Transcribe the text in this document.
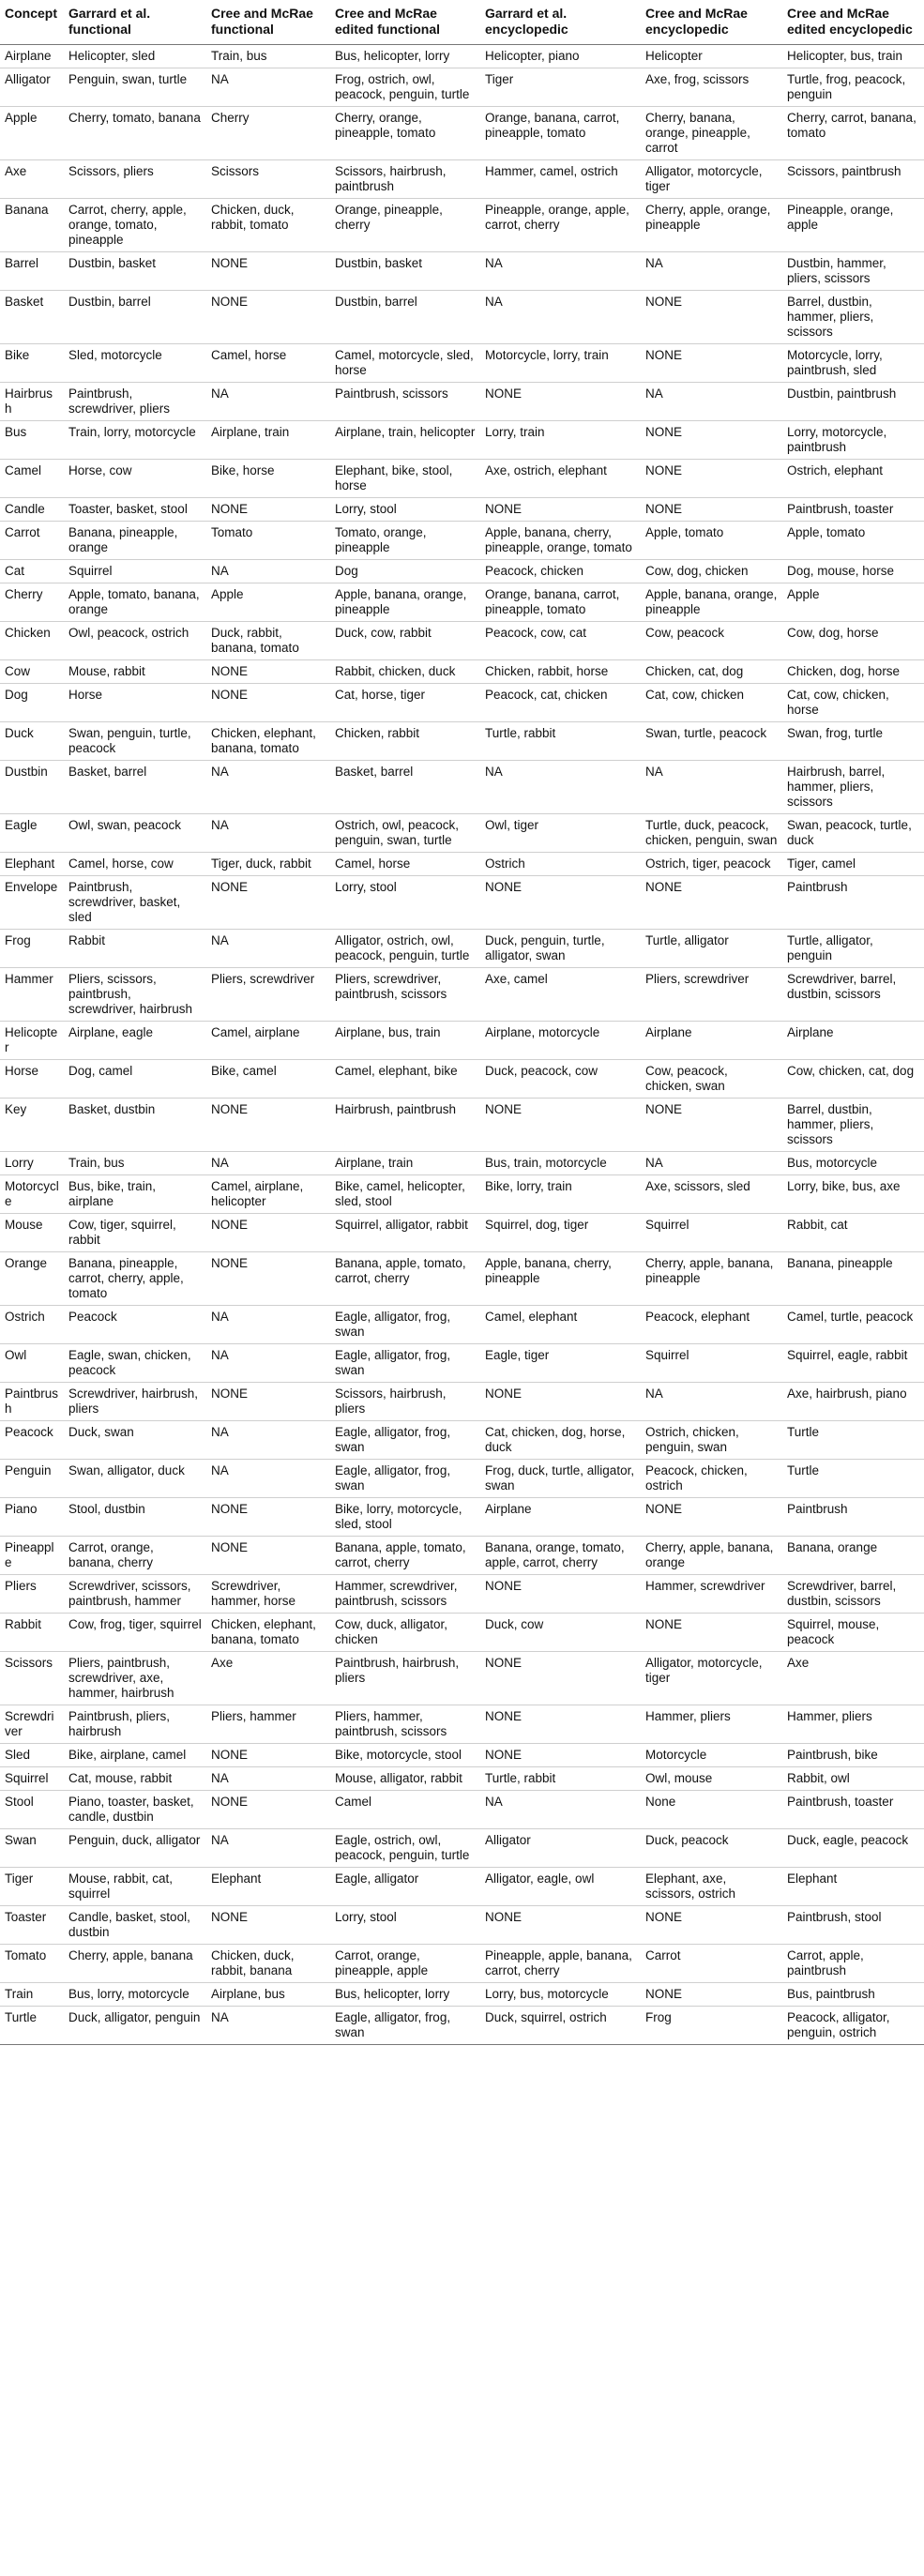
Concept	Garrard et al. functional	Cree and McRae functional	Cree and McRae edited functional	Garrard et al. encyclopedic	Cree and McRae encyclopedic	Cree and McRae edited encyclopedic
Airplane	Helicopter, sled	Train, bus	Bus, helicopter, lorry	Helicopter, piano	Helicopter	Helicopter, bus, train
Alligator	Penguin, swan, turtle	NA	Frog, ostrich, owl, peacock, penguin, turtle	Tiger	Axe, frog, scissors	Turtle, frog, peacock, penguin
Apple	Cherry, tomato, banana	Cherry	Cherry, orange, pineapple, tomato	Orange, banana, carrot, pineapple, tomato	Cherry, banana, orange, pineapple, carrot	Cherry, carrot, banana, tomato
Axe	Scissors, pliers	Scissors	Scissors, hairbrush, paintbrush	Hammer, camel, ostrich	Alligator, motorcycle, tiger	Scissors, paintbrush
Banana	Carrot, cherry, apple, orange, tomato, pineapple	Chicken, duck, rabbit, tomato	Orange, pineapple, cherry	Pineapple, orange, apple, carrot, cherry	Cherry, apple, orange, pineapple	Pineapple, orange, apple
Barrel	Dustbin, basket	NONE	Dustbin, basket	NA	NA	Dustbin, hammer, pliers, scissors
Basket	Dustbin, barrel	NONE	Dustbin, barrel	NA	NONE	Barrel, dustbin, hammer, pliers, scissors
Bike	Sled, motorcycle	Camel, horse	Camel, motorcycle, sled, horse	Motorcycle, lorry, train	NONE	Motorcycle, lorry, paintbrush, sled
Hairbrush	Paintbrush, screwdriver, pliers	NA	Paintbrush, scissors	NONE	NA	Dustbin, paintbrush
Bus	Train, lorry, motorcycle	Airplane, train	Airplane, train, helicopter	Lorry, train	NONE	Lorry, motorcycle, paintbrush
Camel	Horse, cow	Bike, horse	Elephant, bike, stool, horse	Axe, ostrich, elephant	NONE	Ostrich, elephant
Candle	Toaster, basket, stool	NONE	Lorry, stool	NONE	NONE	Paintbrush, toaster
Carrot	Banana, pineapple, orange	Tomato	Tomato, orange, pineapple	Apple, banana, cherry, pineapple, orange, tomato	Apple, tomato	Apple, tomato
Cat	Squirrel	NA	Dog	Peacock, chicken	Cow, dog, chicken	Dog, mouse, horse
Cherry	Apple, tomato, banana, orange	Apple	Apple, banana, orange, pineapple	Orange, banana, carrot, pineapple, tomato	Apple, banana, orange, pineapple	Apple
Chicken	Owl, peacock, ostrich	Duck, rabbit, banana, tomato	Duck, cow, rabbit	Peacock, cow, cat	Cow, peacock	Cow, dog, horse
Cow	Mouse, rabbit	NONE	Rabbit, chicken, duck	Chicken, rabbit, horse	Chicken, cat, dog	Chicken, dog, horse
Dog	Horse	NONE	Cat, horse, tiger	Peacock, cat, chicken	Cat, cow, chicken	Cat, cow, chicken, horse
Duck	Swan, penguin, turtle, peacock	Chicken, elephant, banana, tomato	Chicken, rabbit	Turtle, rabbit	Swan, turtle, peacock	Swan, frog, turtle
Dustbin	Basket, barrel	NA	Basket, barrel	NA	NA	Hairbrush, barrel, hammer, pliers, scissors
Eagle	Owl, swan, peacock	NA	Ostrich, owl, peacock, penguin, swan, turtle	Owl, tiger	Turtle, duck, peacock, chicken, penguin, swan	Swan, peacock, turtle, duck
Elephant	Camel, horse, cow	Tiger, duck, rabbit	Camel, horse	Ostrich	Ostrich, tiger, peacock	Tiger, camel
Envelope	Paintbrush, screwdriver, basket, sled	NONE	Lorry, stool	NONE	NONE	Paintbrush
Frog	Rabbit	NA	Alligator, ostrich, owl, peacock, penguin, turtle	Duck, penguin, turtle, alligator, swan	Turtle, alligator	Turtle, alligator, penguin
Hammer	Pliers, scissors, paintbrush, screwdriver, hairbrush	Pliers, screwdriver	Pliers, screwdriver, paintbrush, scissors	Axe, camel	Pliers, screwdriver	Screwdriver, barrel, dustbin, scissors
Helicopter	Airplane, eagle	Camel, airplane	Airplane, bus, train	Airplane, motorcycle	Airplane	Airplane
Horse	Dog, camel	Bike, camel	Camel, elephant, bike	Duck, peacock, cow	Cow, peacock, chicken, swan	Cow, chicken, cat, dog
Key	Basket, dustbin	NONE	Hairbrush, paintbrush	NONE	NONE	Barrel, dustbin, hammer, pliers, scissors
Lorry	Train, bus	NA	Airplane, train	Bus, train, motorcycle	NA	Bus, motorcycle
Motorcycle	Bus, bike, train, airplane	Camel, airplane, helicopter	Bike, camel, helicopter, sled, stool	Bike, lorry, train	Axe, scissors, sled	Lorry, bike, bus, axe
Mouse	Cow, tiger, squirrel, rabbit	NONE	Squirrel, alligator, rabbit	Squirrel, dog, tiger	Squirrel	Rabbit, cat
Orange	Banana, pineapple, carrot, cherry, apple, tomato	NONE	Banana, apple, tomato, carrot, cherry	Apple, banana, cherry, pineapple	Cherry, apple, banana, pineapple	Banana, pineapple
Ostrich	Peacock	NA	Eagle, alligator, frog, swan	Camel, elephant	Peacock, elephant	Camel, turtle, peacock
Owl	Eagle, swan, chicken, peacock	NA	Eagle, alligator, frog, swan	Eagle, tiger	Squirrel	Squirrel, eagle, rabbit
Paintbrush	Screwdriver, hairbrush, pliers	NONE	Scissors, hairbrush, pliers	NONE	NA	Axe, hairbrush, piano
Peacock	Duck, swan	NA	Eagle, alligator, frog, swan	Cat, chicken, dog, horse, duck	Ostrich, chicken, penguin, swan	Turtle
Penguin	Swan, alligator, duck	NA	Eagle, alligator, frog, swan	Frog, duck, turtle, alligator, swan	Peacock, chicken, ostrich	Turtle
Piano	Stool, dustbin	NONE	Bike, lorry, motorcycle, sled, stool	Airplane	NONE	Paintbrush
Pineapple	Carrot, orange, banana, cherry	NONE	Banana, apple, tomato, carrot, cherry	Banana, orange, tomato, apple, carrot, cherry	Cherry, apple, banana, orange	Banana, orange
Pliers	Screwdriver, scissors, paintbrush, hammer	Screwdriver, hammer, horse	Hammer, screwdriver, paintbrush, scissors	NONE	Hammer, screwdriver	Screwdriver, barrel, dustbin, scissors
Rabbit	Cow, frog, tiger, squirrel	Chicken, elephant, banana, tomato	Cow, duck, alligator, chicken	Duck, cow	NONE	Squirrel, mouse, peacock
Scissors	Pliers, paintbrush, screwdriver, axe, hammer, hairbrush	Axe	Paintbrush, hairbrush, pliers	NONE	Alligator, motorcycle, tiger	Axe
Screwdriver	Paintbrush, pliers, hairbrush	Pliers, hammer	Pliers, hammer, paintbrush, scissors	NONE	Hammer, pliers	Hammer, pliers
Sled	Bike, airplane, camel	NONE	Bike, motorcycle, stool	NONE	Motorcycle	Paintbrush, bike
Squirrel	Cat, mouse, rabbit	NA	Mouse, alligator, rabbit	Turtle, rabbit	Owl, mouse	Rabbit, owl
Stool	Piano, toaster, basket, candle, dustbin	NONE	Camel	NA	None	Paintbrush, toaster
Swan	Penguin, duck, alligator	NA	Eagle, ostrich, owl, peacock, penguin, turtle	Alligator	Duck, peacock	Duck, eagle, peacock
Tiger	Mouse, rabbit, cat, squirrel	Elephant	Eagle, alligator	Alligator, eagle, owl	Elephant, axe, scissors, ostrich	Elephant
Toaster	Candle, basket, stool, dustbin	NONE	Lorry, stool	NONE	NONE	Paintbrush, stool
Tomato	Cherry, apple, banana	Chicken, duck, rabbit, banana	Carrot, orange, pineapple, apple	Pineapple, apple, banana, carrot, cherry	Carrot	Carrot, apple, paintbrush
Train	Bus, lorry, motorcycle	Airplane, bus	Bus, helicopter, lorry	Lorry, bus, motorcycle	NONE	Bus, paintbrush
Turtle	Duck, alligator, penguin	NA	Eagle, alligator, frog, swan	Duck, squirrel, ostrich	Frog	Peacock, alligator, penguin, ostrich
